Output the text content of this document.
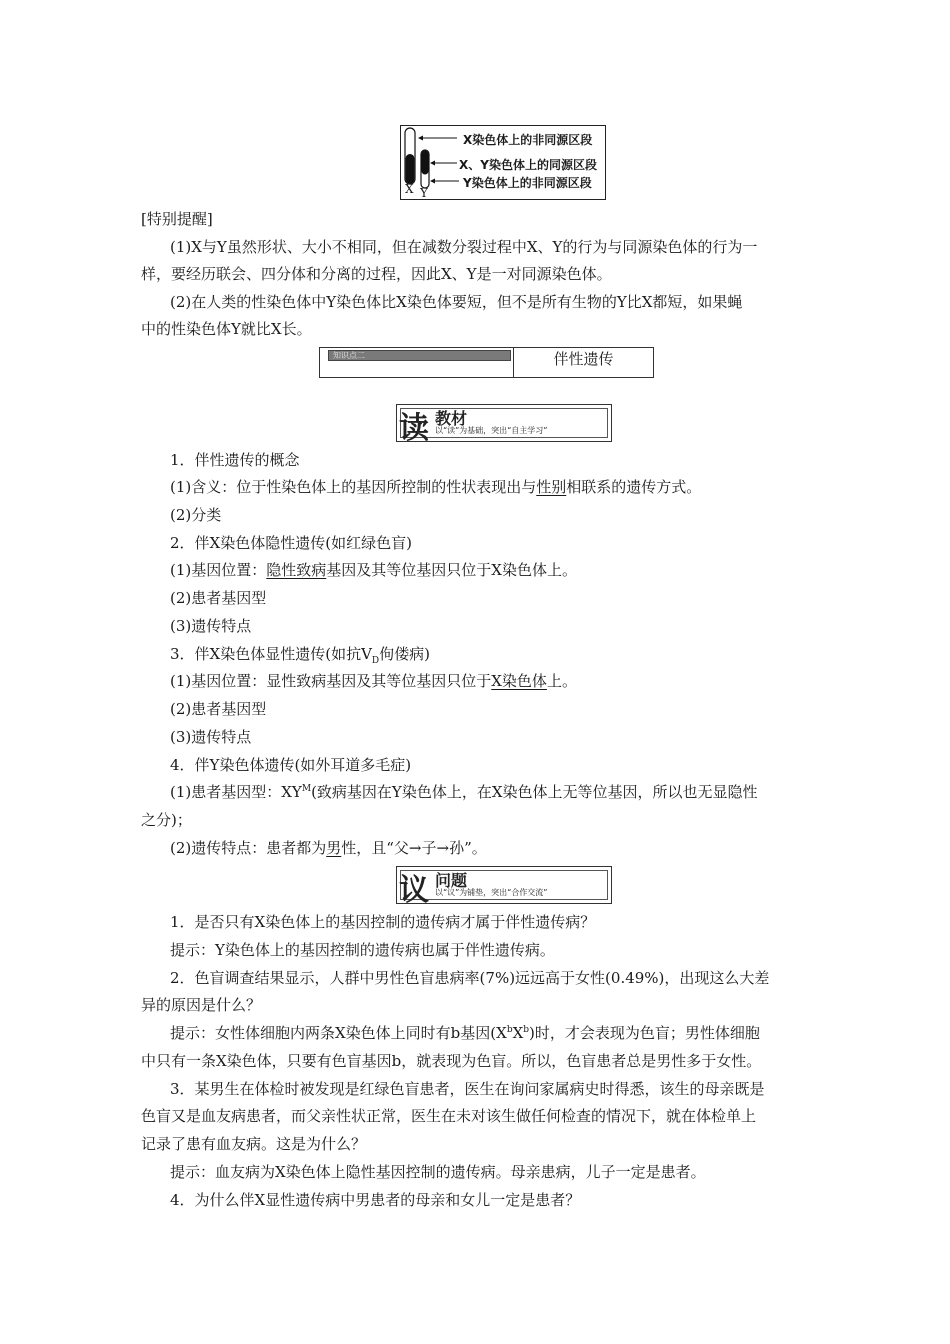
X染色体上的非同源区段
X、Y染色体上的同源区段
Y染色体上的非同源区段
X Y
[特别提醒]
(1)X与Y虽然形状、大小不相同，但在减数分裂过程中X、Y的行为与同源染色体的行为一
样，要经历联会、四分体和分离的过程，因此X、Y是一对同源染色体。
(2)在人类的性染色体中Y染色体比X染色体要短，但不是所有生物的Y比X都短，如果蝇
中的性染色体Y就比X长。
知识点二	伴性遗传
读 教材
以“读”为基础，突出“自主学习”
1．伴性遗传的概念
(1)含义：位于性染色体上的基因所控制的性状表现出与性别相联系的遗传方式。
(2)分类
2．伴X染色体隐性遗传(如红绿色盲)
(1)基因位置：隐性致病基因及其等位基因只位于X染色体上。
(2)患者基因型
(3)遗传特点
3．伴X染色体显性遗传(如抗$V_D$佝偻病)
(1)基因位置：显性致病基因及其等位基因只位于X染色体上。
(2)患者基因型
(3)遗传特点
4．伴Y染色体遗传(如外耳道多毛症)
(1)患者基因型：$XY^M$(致病基因在Y染色体上，在X染色体上无等位基因，所以也无显隐性
之分)；
(2)遗传特点：患者都为男性，且“父→子→孙”。
议 问题
以“议”为铺垫，突出“合作交流”
1．是否只有X染色体上的基因控制的遗传病才属于伴性遗传病？
提示：Y染色体上的基因控制的遗传病也属于伴性遗传病。
2．色盲调查结果显示，人群中男性色盲患病率(7%)远远高于女性(0.49%)，出现这么大差
异的原因是什么？
提示：女性体细胞内两条X染色体上同时有b基因$(X^bX^b)$时，才会表现为色盲；男性体细胞
中只有一条X染色体，只要有色盲基因b，就表现为色盲。所以，色盲患者总是男性多于女性。
3．某男生在体检时被发现是红绿色盲患者，医生在询问家属病史时得悉，该生的母亲既是
色盲又是血友病患者，而父亲性状正常，医生在未对该生做任何检查的情况下，就在体检单上
记录了患有血友病。这是为什么？
提示：血友病为X染色体上隐性基因控制的遗传病。母亲患病，儿子一定是患者。
4．为什么伴X显性遗传病中男患者的母亲和女儿一定是患者？
